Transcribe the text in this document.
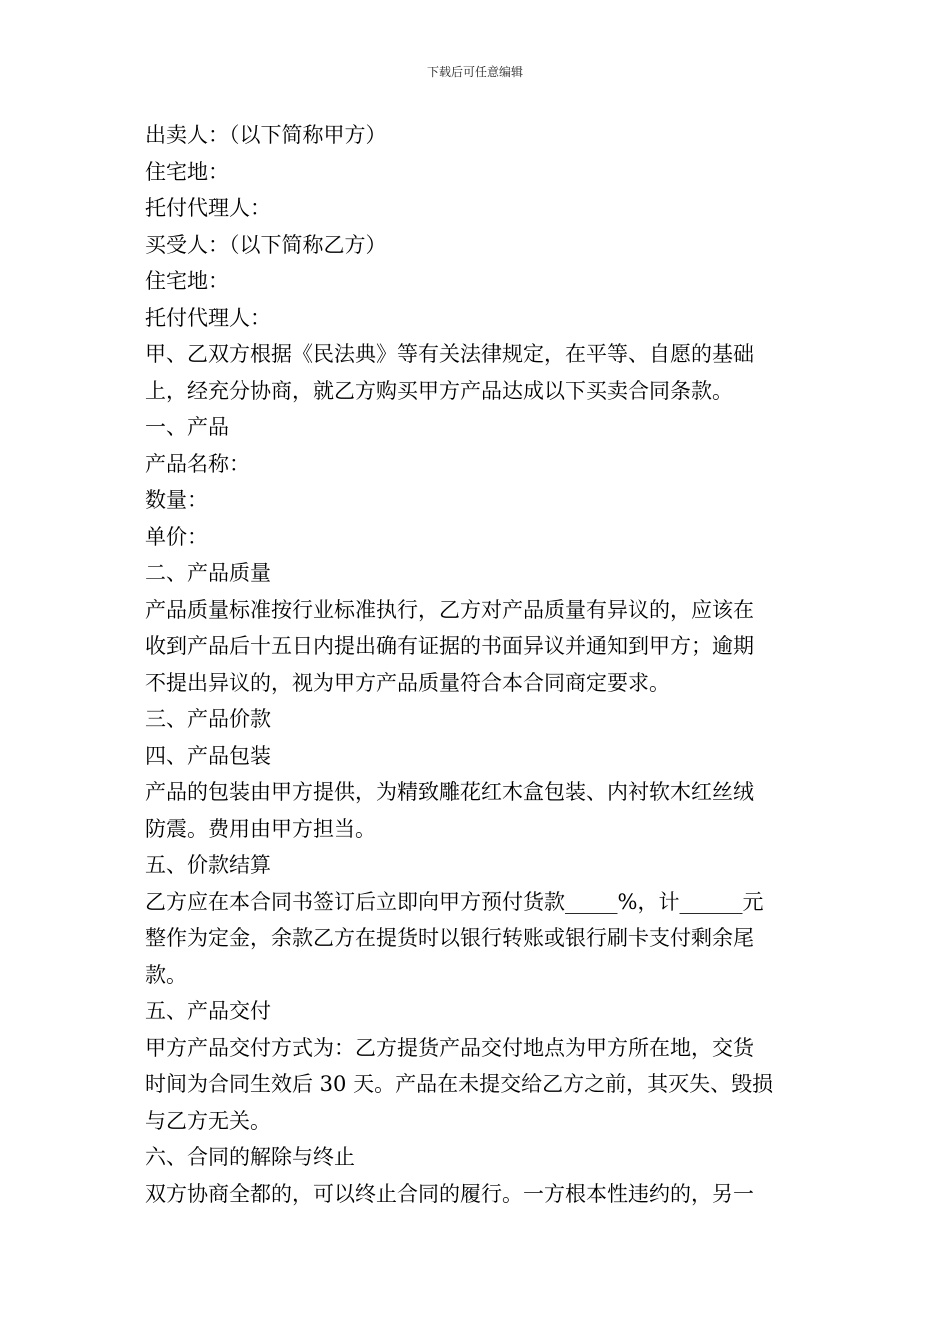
下载后可任意编辑
出卖人：（以下简称甲方）
住宅地：
托付代理人：
买受人：（以下简称乙方）
住宅地：
托付代理人：
甲、乙双方根据《民法典》等有关法律规定，在平等、自愿的基础
上，经充分协商，就乙方购买甲方产品达成以下买卖合同条款。
一、产品
产品名称：
数量：
单价：
二、产品质量
产品质量标准按行业标准执行，乙方对产品质量有异议的，应该在
收到产品后十五日内提出确有证据的书面异议并通知到甲方；逾期
不提出异议的，视为甲方产品质量符合本合同商定要求。
三、产品价款
四、产品包装
产品的包装由甲方提供，为精致雕花红木盒包装、内衬软木红丝绒
防震。费用由甲方担当。
五、价款结算
乙方应在本合同书签订后立即向甲方预付货款_____%，计______元
整作为定金，余款乙方在提货时以银行转账或银行刷卡支付剩余尾
款。
五、产品交付
甲方产品交付方式为：乙方提货产品交付地点为甲方所在地，交货
时间为合同生效后 30 天。产品在未提交给乙方之前，其灭失、毁损
与乙方无关。
六、合同的解除与终止
双方协商全都的，可以终止合同的履行。一方根本性违约的，另一
